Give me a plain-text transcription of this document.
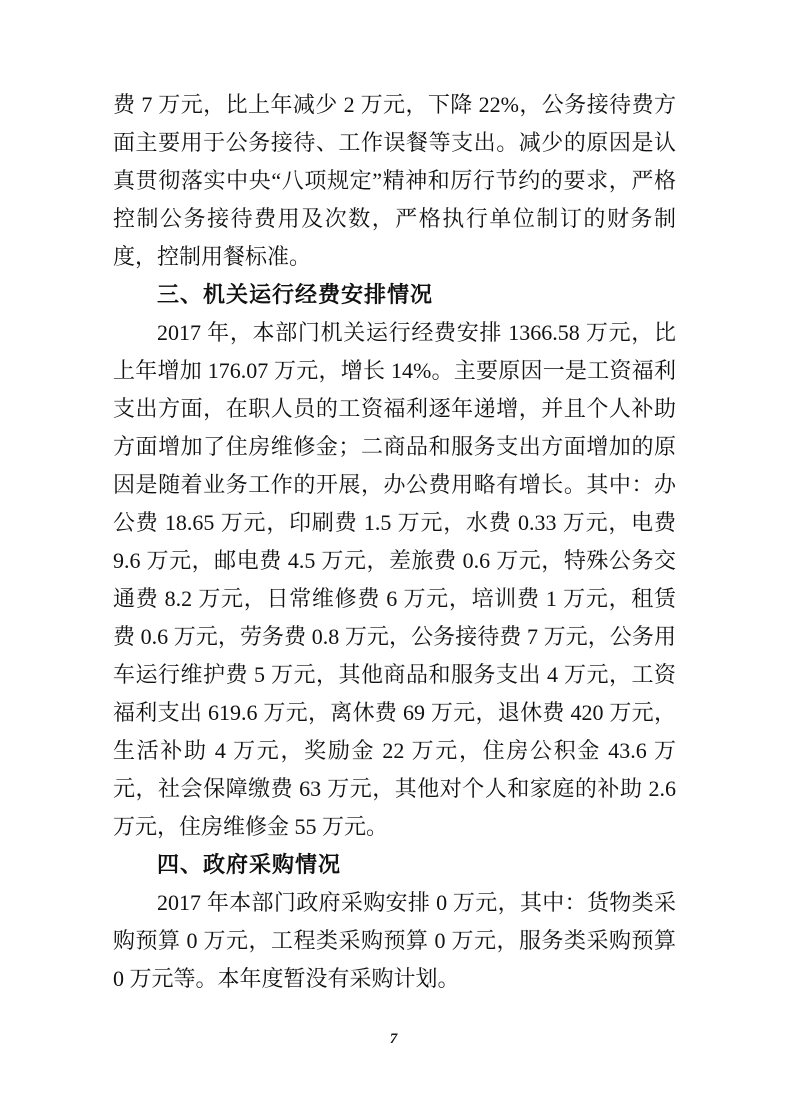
费 7 万元，比上年减少 2 万元，下降 22%，公务接待费方面主要用于公务接待、工作误餐等支出。减少的原因是认真贯彻落实中央“八项规定”精神和厉行节约的要求，严格控制公务接待费用及次数，严格执行单位制订的财务制度，控制用餐标准。

三、机关运行经费安排情况

2017 年，本部门机关运行经费安排 1366.58 万元，比上年增加 176.07 万元，增长 14%。主要原因一是工资福利支出方面，在职人员的工资福利逐年递增，并且个人补助方面增加了住房维修金；二商品和服务支出方面增加的原因是随着业务工作的开展，办公费用略有增长。其中：办公费 18.65 万元，印刷费 1.5 万元，水费 0.33 万元，电费 9.6 万元，邮电费 4.5 万元，差旅费 0.6 万元，特殊公务交通费 8.2 万元，日常维修费 6 万元，培训费 1 万元，租赁费 0.6 万元，劳务费 0.8 万元，公务接待费 7 万元，公务用车运行维护费 5 万元，其他商品和服务支出 4 万元，工资福利支出 619.6 万元，离休费 69 万元，退休费 420 万元，生活补助 4 万元，奖励金 22 万元，住房公积金 43.6 万元，社会保障缴费 63 万元，其他对个人和家庭的补助 2.6 万元，住房维修金 55 万元。

四、政府采购情况

2017 年本部门政府采购安排 0 万元，其中：货物类采购预算 0 万元，工程类采购预算 0 万元，服务类采购预算 0 万元等。本年度暂没有采购计划。

7
